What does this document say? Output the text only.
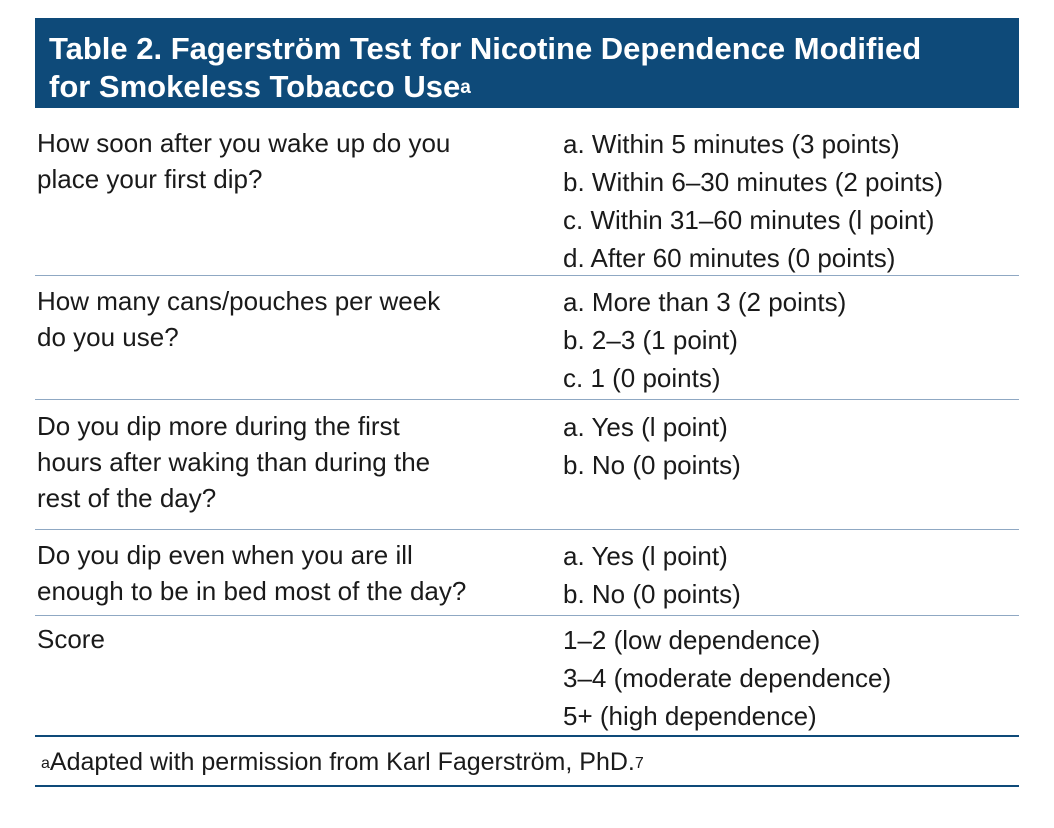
Table 2. Fagerström Test for Nicotine Dependence Modified
for Smokeless Tobacco Use$^a$
How soon after you wake up do you
place your first dip?
a. Within 5 minutes (3 points)
b. Within 6–30 minutes (2 points)
c. Within 31–60 minutes (l point)
d. After 60 minutes (0 points)
How many cans/pouches per week
do you use?
a. More than 3 (2 points)
b. 2–3 (1 point)
c. 1 (0 points)
Do you dip more during the first
hours after waking than during the
rest of the day?
a. Yes (l point)
b. No (0 points)
Do you dip even when you are ill
enough to be in bed most of the day?
a. Yes (l point)
b. No (0 points)
Score	1–2 (low dependence)
3–4 (moderate dependence)
5+ (high dependence)
$^a$Adapted with permission from Karl Fagerström, PhD.$^7$
